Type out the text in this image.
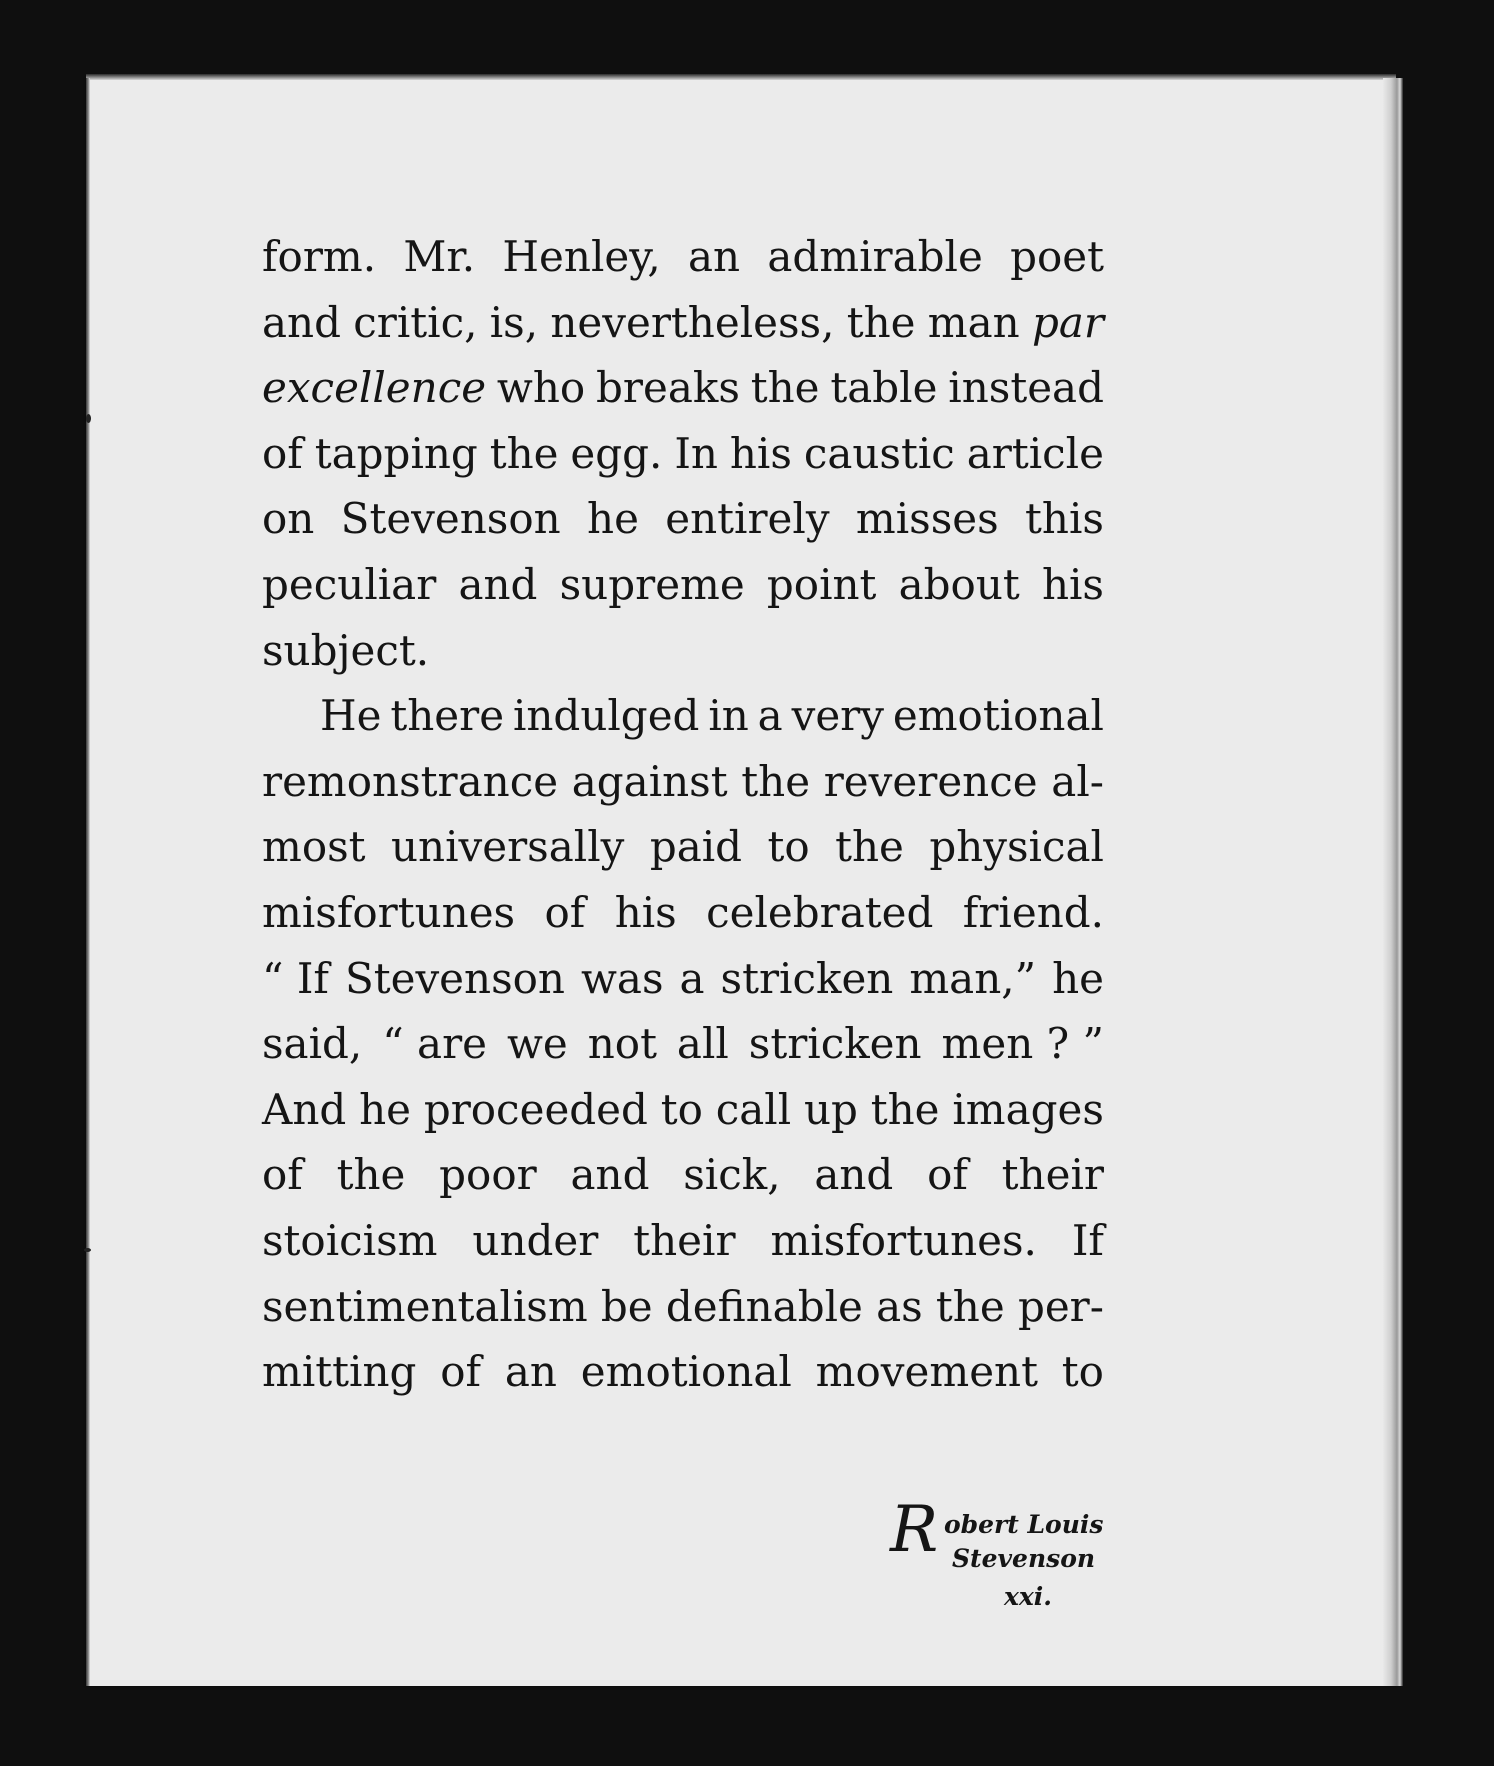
form. Mr. Henley, an admirable poet
and critic, is, nevertheless, the man par
excellence who breaks the table instead
of tapping the egg. In his caustic article
on Stevenson he entirely misses this
peculiar and supreme point about his
subject.
He there indulged in a very emotional
remonstrance against the reverence al-
most universally paid to the physical
misfortunes of his celebrated friend.
“ If Stevenson was a stricken man,” he
said, “ are we not all stricken men ? ”
And he proceeded to call up the images
of the poor and sick, and of their
stoicism under their misfortunes. If
sentimentalism be definable as the per-
mitting of an emotional movement to
R obert Louis
Stevenson
xxi.
